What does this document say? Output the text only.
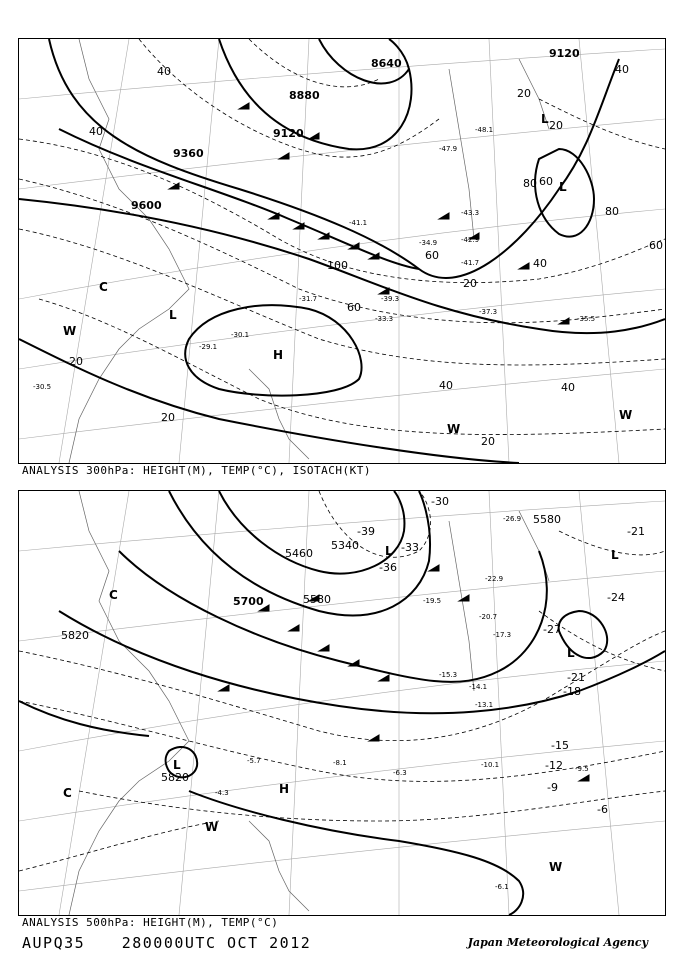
8640
8880
9120
9360
9600
9120
40
40
20
20
40
60
80
100
60
40
20
20
40
20
20
40
80
60
60
L
L
L
H
C
W
W
W
-30.1
-31.7
-33.3	-35.5
-37.3
-41.7
-42.9
-43.3
-47.9
-48.1
-30.5
-29.1
-39.3
-34.9
-41.1
ANALYSIS 300hPa: HEIGHT(M), TEMP(°C), ISOTACH(KT)
5340
5460
5700	5580
5820
5820
5580
-39
-36
-30
-33
-21
-24
-27
-21
-18
-15
-12
-9
-6
L	L
L
L
H
C
C
W
W
-10.1
-13.1
-14.1
-15.3
-8.1
-6.3
-6.1
-5.7
-4.3
-9.5
-22.9
-26.9
-20.7
-17.3
-19.5
ANALYSIS 500hPa: HEIGHT(M), TEMP(°C)
AUPQ35 280000UTC OCT 2012	Japan Meteorological Agency
